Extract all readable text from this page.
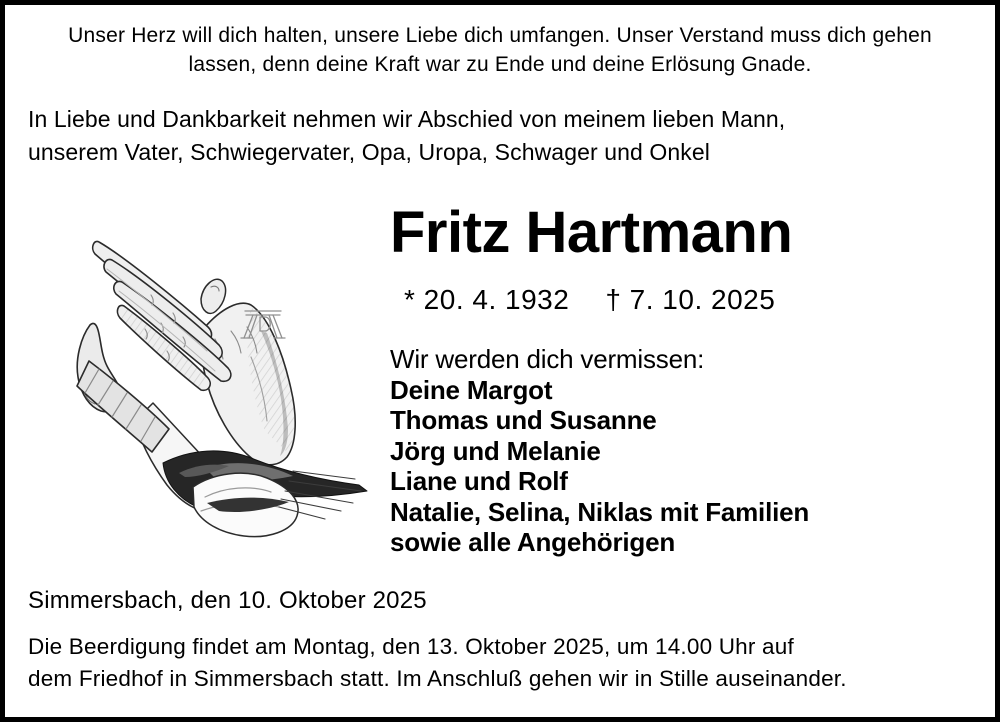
Unser Herz will dich halten, unsere Liebe dich umfangen. Unser Verstand muss dich gehen
lassen, denn deine Kraft war zu Ende und deine Erlösung Gnade.
In Liebe und Dankbarkeit nehmen wir Abschied von meinem lieben Mann,
unserem Vater, Schwiegervater, Opa, Uropa, Schwager und Onkel
Fritz Hartmann
* 20. 4. 1932 † 7. 10. 2025
Wir werden dich vermissen:
Deine Margot
Thomas und Susanne
Jörg und Melanie
Liane und Rolf
Natalie, Selina, Niklas mit Familien
sowie alle Angehörigen
Simmersbach, den 10. Oktober 2025
Die Beerdigung findet am Montag, den 13. Oktober 2025, um 14.00 Uhr auf
dem Friedhof in Simmersbach statt. Im Anschluß gehen wir in Stille auseinander.
